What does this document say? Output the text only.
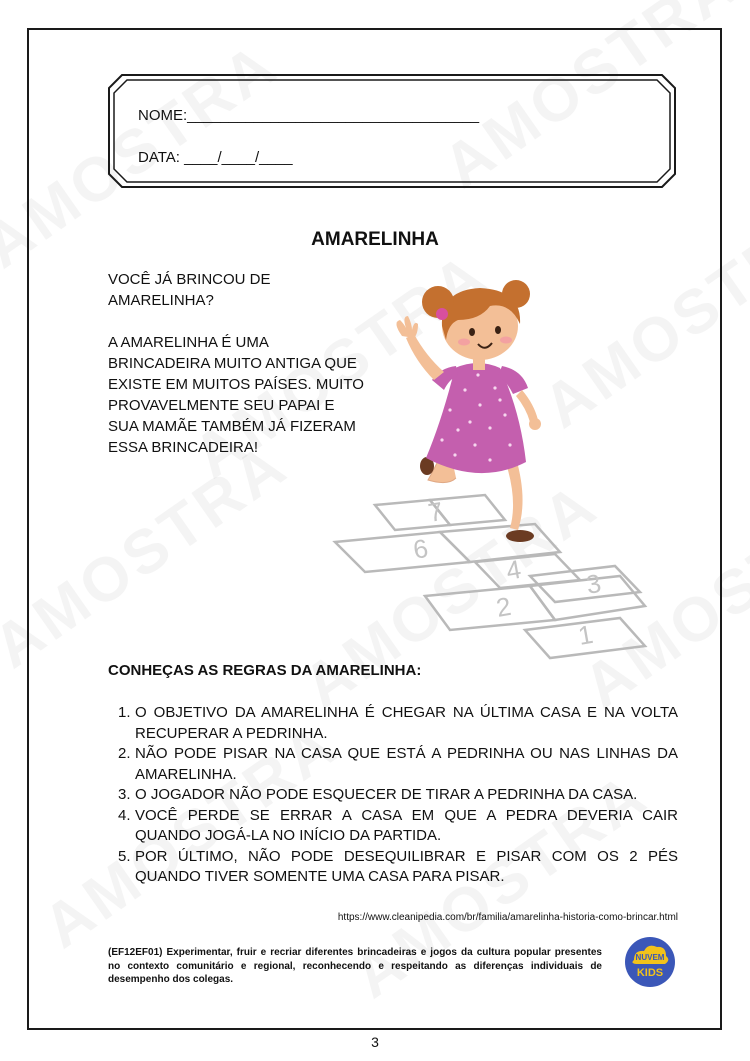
NOME:___________________________________
DATA: ____/____/____
AMARELINHA

VOCÊ JÁ BRINCOU DE

AMARELINHA?

A AMARELINHA É UMA

BRINCADEIRA MUITO ANTIGA QUE

EXISTE EM MUITOS PAÍSES. MUITO

PROVAVELMENTE SEU PAPAI E

SUA MAMÃE TAMBÉM JÁ FIZERAM

ESSA BRINCADEIRA!

7
6
4 3
2
1
CONHEÇAS AS REGRAS DA AMARELINHA:
1. O OBJETIVO DA AMARELINHA É CHEGAR NA ÚLTIMA CASA E NA VOLTA RECUPERAR A PEDRINHA.
2. NÃO PODE PISAR NA CASA QUE ESTÁ A PEDRINHA OU NAS LINHAS DA AMARELINHA.
3. O JOGADOR NÃO PODE ESQUECER DE TIRAR A PEDRINHA DA CASA.
4. VOCÊ PERDE SE ERRAR A CASA EM QUE A PEDRA DEVERIA CAIR QUANDO JOGÁ-LA NO INÍCIO DA PARTIDA.
5. POR ÚLTIMO, NÃO PODE DESEQUILIBRAR E PISAR COM OS 2 PÉS QUANDO TIVER SOMENTE UMA CASA PARA PISAR.
https://www.cleanipedia.com/br/familia/amarelinha-historia-como-brincar.html
(EF12EF01) Experimentar, fruir e recriar diferentes brincadeiras e jogos da cultura popular presentes no contexto comunitário e regional, reconhecendo e respeitando as diferenças individuais de desempenho dos colegas.
NUVEM
KIDS
3
